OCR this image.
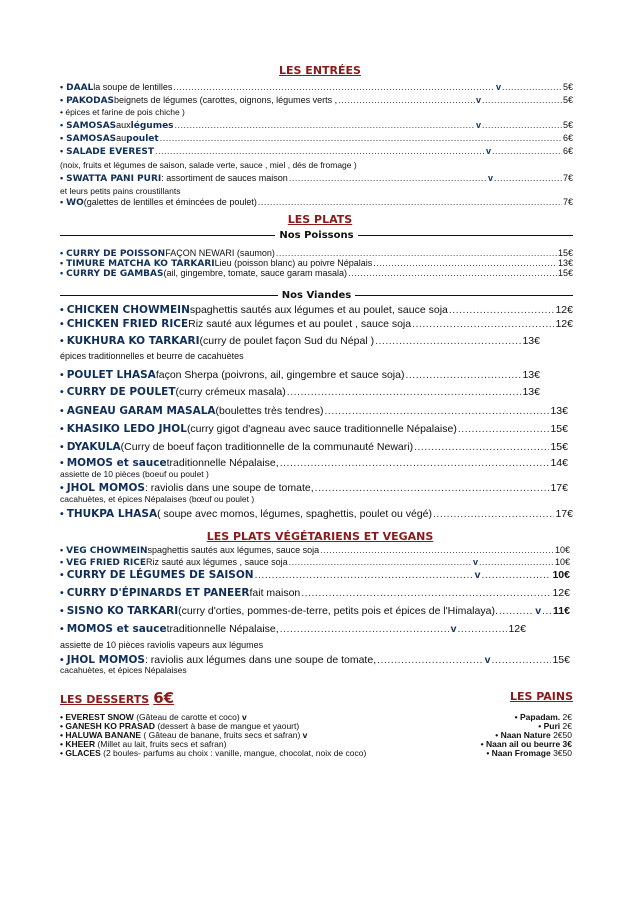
LES ENTRÉES
• DAAL la soupe de lentilles .....	v .....	5€
• PAKODAS beignets de légumes (carottes, oignons, légumes verts , .....	v .....	5€
• épices et farine de pois chiche )
• SAMOSAS aux légumes .....	v .....	5€
• SAMOSAS au poulet .....	6€
• SALADE EVEREST .....	v .....	6€
(noix, fruits et légumes de saison, salade verte, sauce , miel , dés de fromage )
• SWATTA PANI PURI : assortiment de sauces maison .....	v .....	7€
et leurs petits pains croustillants
• WO (galettes de lentilles et émincées de poulet) .....	7€
LES PLATS
Nos Poissons
• CURRY DE POISSON FAÇON NEWARI (saumon) .....	15€
• TIMURE MATCHA KO TARKARI Lieu (poisson blanc) au poivre Népalais .....	13€
• CURRY DE GAMBAS (ail, gingembre, tomate, sauce garam masala) .....	15€
Nos Viandes
• CHICKEN CHOWMEIN spaghettis sautés aux légumes et au poulet, sauce soja .....	12€
• CHICKEN FRIED RICE Riz sauté aux légumes et au poulet , sauce soja .....	12€
• KUKHURA KO TARKARI (curry de poulet façon Sud du Népal ) .....	13€
épices traditionnelles et beurre de cacahuètes
• POULET LHASA façon Sherpa (poivrons, ail, gingembre et sauce soja) .....	13€
• CURRY DE POULET (curry crémeux masala) .....	13€
• AGNEAU GARAM MASALA (boulettes très tendres) .....	13€
• KHASIKO LEDO JHOL (curry gigot d'agneau avec sauce traditionnelle Népalaise) .....	15€
• DYAKULA (Curry de boeuf façon traditionnelle de la communauté Newari) .....	15€
• MOMOS et sauce traditionnelle Népalaise, .....	14€
assiette de 10 pièces (boeuf ou poulet )
• JHOL MOMOS : raviolis dans une soupe de tomate, .....	17€
cacahuètes, et épices Népalaises (bœuf ou poulet )
• THUKPA LHASA ( soupe avec momos, légumes, spaghettis, poulet ou végé) .....	17€
LES PLATS VÉGÉTARIENS ET VEGANS
• VEG CHOWMEIN spaghettis sautés aux légumes, sauce soja .....	10€
• VEG FRIED RICE Riz sauté aux légumes , sauce soja .....	v .....	10€
• CURRY DE LÉGUMES DE SAISON .....	v .....	10€
• CURRY D'ÉPINARDS ET PANEER fait maison .....	12€
• SISNO KO TARKARI (curry d'orties, pommes-de-terre, petits pois et épices de l'Himalaya). .....	v ..... 11€
• MOMOS et sauce traditionnelle Népalaise, .....	v .....	12€
assiette de 10 pièces raviolis vapeurs aux légumes
• JHOL MOMOS : raviolis aux légumes dans une soupe de tomate, .....	v .....	15€
cacahuètes, et épices Népalaises
LES DESSERTS 6€	LES PAINS
• EVEREST SNOW (Gâteau de carotte et coco) v
• GANESH KO PRASAD (dessert à base de mangue et yaourt)
• HALUWA BANANE ( Gâteau de banane, fruits secs et safran) v
• KHEER (Millet au lait, fruits secs et safran)
• GLACES (2 boules- parfums au choix : vanille, mangue, chocolat, noix de coco)
• Papadam. 2€
• Puri 2€
• Naan Nature 2€50
• Naan ail ou beurre 3€
• Naan Fromage 3€50
